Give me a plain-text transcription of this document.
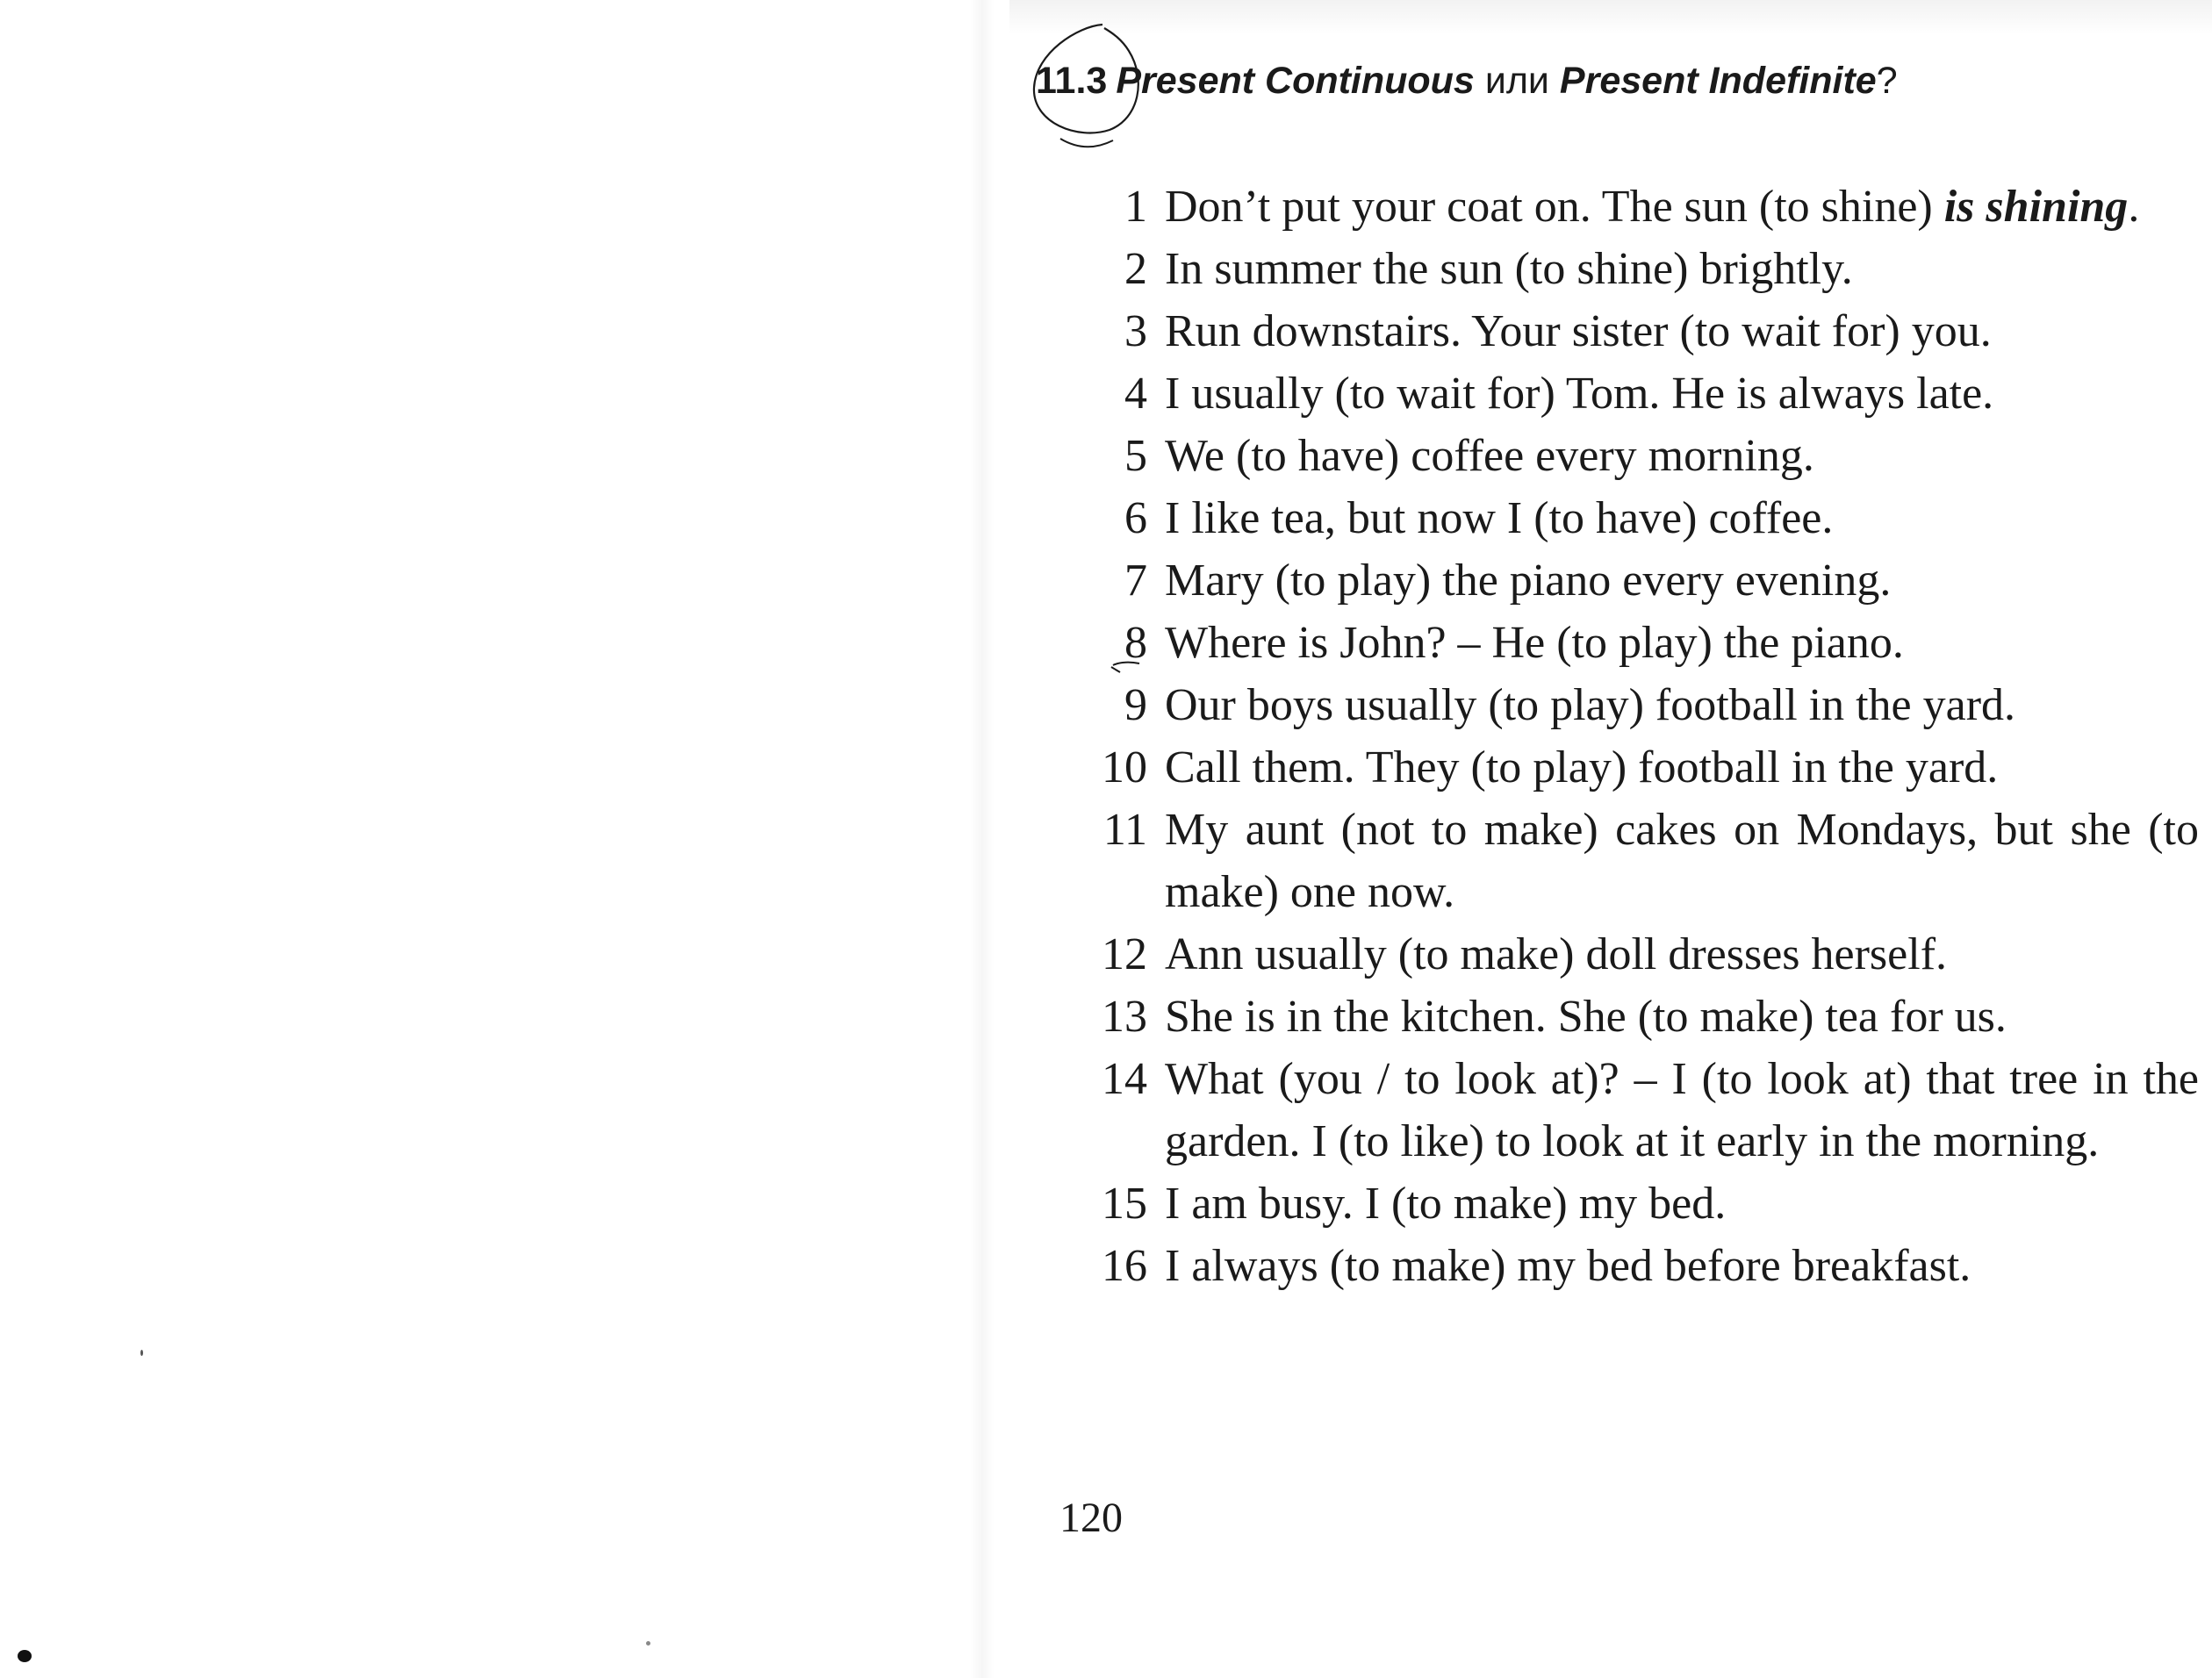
11.3 Present Continuous или Present Indefinite?
1 Don’t put your coat on. The sun (to shine) is shining.
2 In summer the sun (to shine) brightly.
3 Run downstairs. Your sister (to wait for) you.
4 I usually (to wait for) Tom. He is always late.
5 We (to have) coffee every morning.
6 I like tea, but now I (to have) coffee.
7 Mary (to play) the piano every evening.
8 Where is John? – He (to play) the piano.
9 Our boys usually (to play) football in the yard.
10 Call them. They (to play) football in the yard.
11 My aunt (not to make) cakes on Mondays, but she (to make) one now.
12 Ann usually (to make) doll dresses herself.
13 She is in the kitchen. She (to make) tea for us.
14 What (you / to look at)? – I (to look at) that tree in the garden. I (to like) to look at it early in the morning.
15 I am busy. I (to make) my bed.
16 I always (to make) my bed before breakfast.
120
